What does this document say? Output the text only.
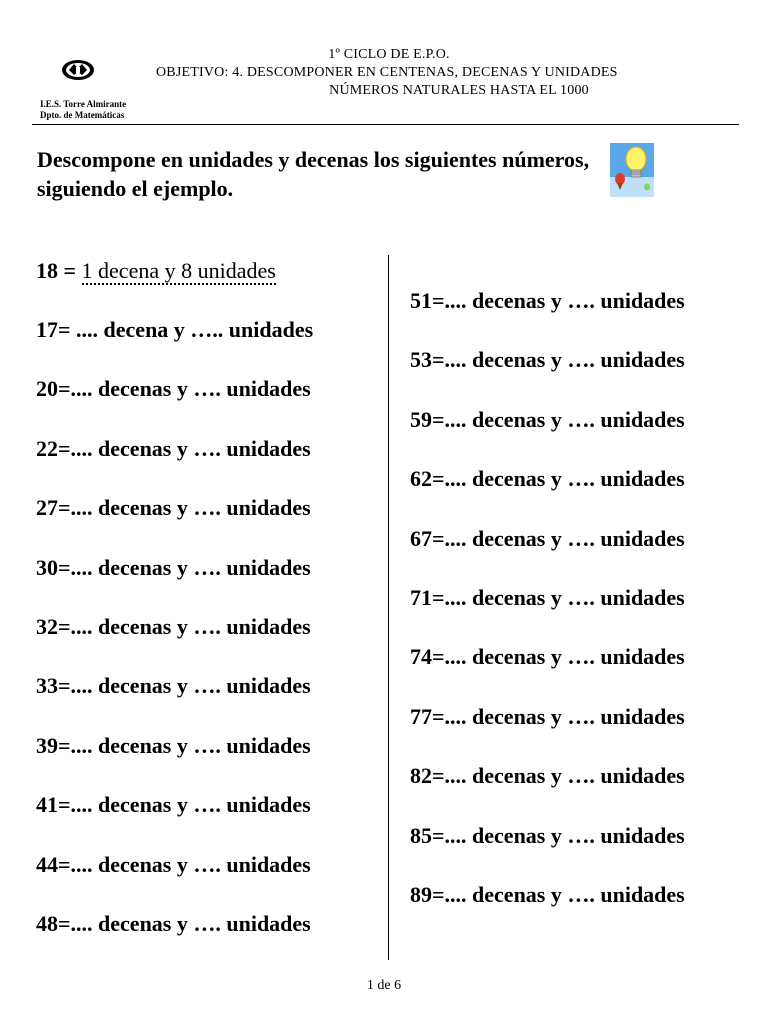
1º CICLO DE E.P.O.
OBJETIVO: 4. DESCOMPONER EN CENTENAS, DECENAS Y UNIDADES
NÚMEROS NATURALES HASTA EL 1000
I.E.S. Torre Almirante
Dpto. de Matemáticas
Descompone en unidades y decenas los siguientes números, siguiendo el ejemplo.
18 = 1 decena y 8 unidades
17= .... decena y ….. unidades
20=.... decenas y …. unidades
22=.... decenas y …. unidades
27=.... decenas y …. unidades
30=.... decenas y …. unidades
32=.... decenas y …. unidades
33=.... decenas y …. unidades
39=.... decenas y …. unidades
41=.... decenas y …. unidades
44=.... decenas y …. unidades
48=.... decenas y …. unidades
51=.... decenas y …. unidades
53=.... decenas y …. unidades
59=.... decenas y …. unidades
62=.... decenas y …. unidades
67=.... decenas y …. unidades
71=.... decenas y …. unidades
74=.... decenas y …. unidades
77=.... decenas y …. unidades
82=.... decenas y …. unidades
85=.... decenas y …. unidades
89=.... decenas y …. unidades
1 de 6
